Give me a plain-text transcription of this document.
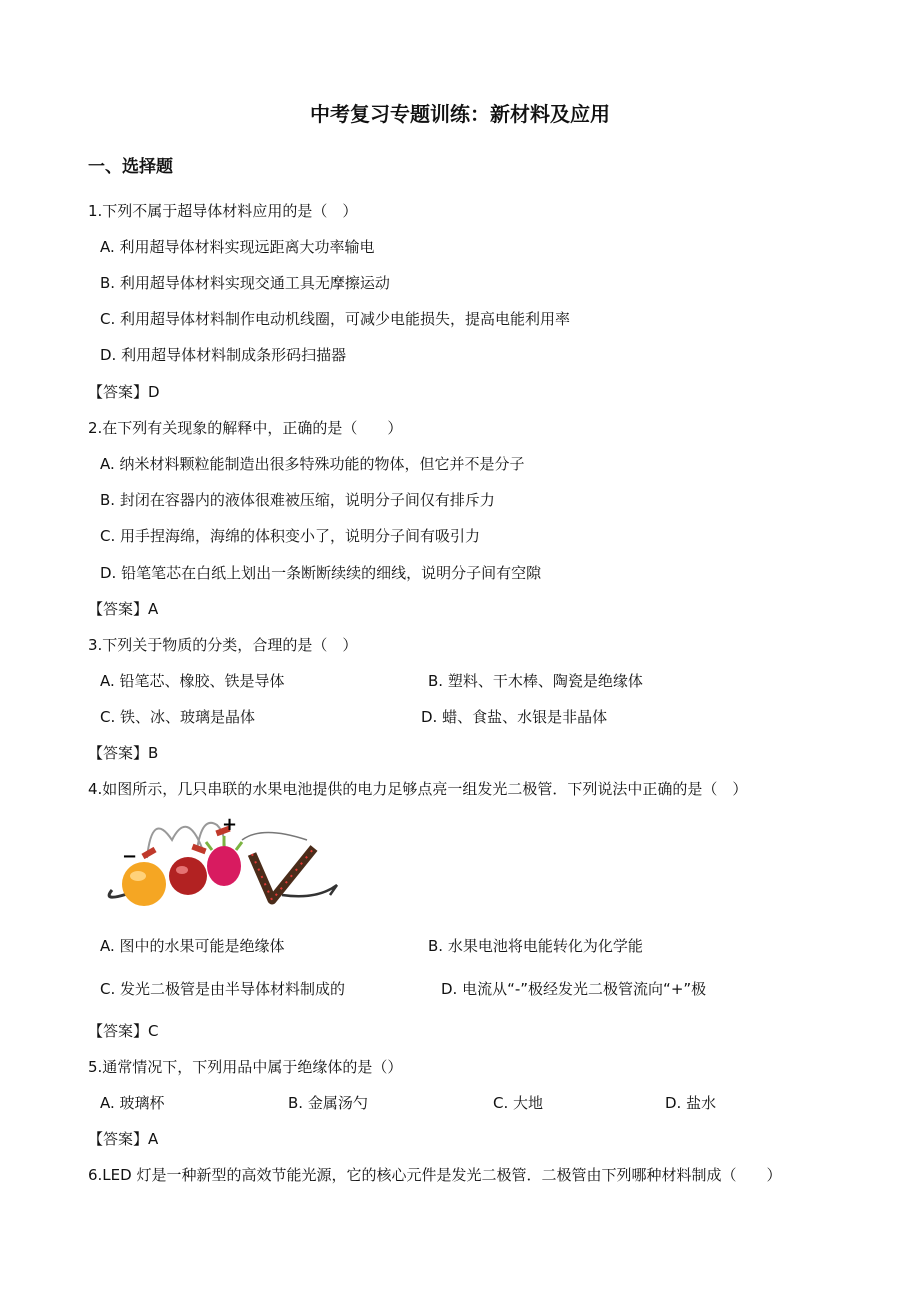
中考复习专题训练：新材料及应用
一、选择题
1.下列不属于超导体材料应用的是（　）
A. 利用超导体材料实现远距离大功率输电
B. 利用超导体材料实现交通工具无摩擦运动
C. 利用超导体材料制作电动机线圈，可减少电能损失，提高电能利用率
D. 利用超导体材料制成条形码扫描器
【答案】D
2.在下列有关现象的解释中，正确的是（　　）
A. 纳米材料颗粒能制造出很多特殊功能的物体，但它并不是分子
B. 封闭在容器内的液体很难被压缩，说明分子间仅有排斥力
C. 用手捏海绵，海绵的体积变小了，说明分子间有吸引力
D. 铅笔笔芯在白纸上划出一条断断续续的细线，说明分子间有空隙
【答案】A
3.下列关于物质的分类，合理的是（　）
A. 铅笔芯、橡胶、铁是导体	B. 塑料、干木棒、陶瓷是绝缘体
C. 铁、冰、玻璃是晶体	D. 蜡、食盐、水银是非晶体
【答案】B
4.如图所示，几只串联的水果电池提供的电力足够点亮一组发光二极管．下列说法中正确的是（　）
−
+
A. 图中的水果可能是绝缘体	B. 水果电池将电能转化为化学能
C. 发光二极管是由半导体材料制成的	D. 电流从“-”极经发光二极管流向“+”极
【答案】C
5.通常情况下，下列用品中属于绝缘体的是（）
A. 玻璃杯	B. 金属汤勺	C. 大地	D. 盐水
【答案】A
6.LED 灯是一种新型的高效节能光源，它的核心元件是发光二极管．二极管由下列哪种材料制成（　　）
